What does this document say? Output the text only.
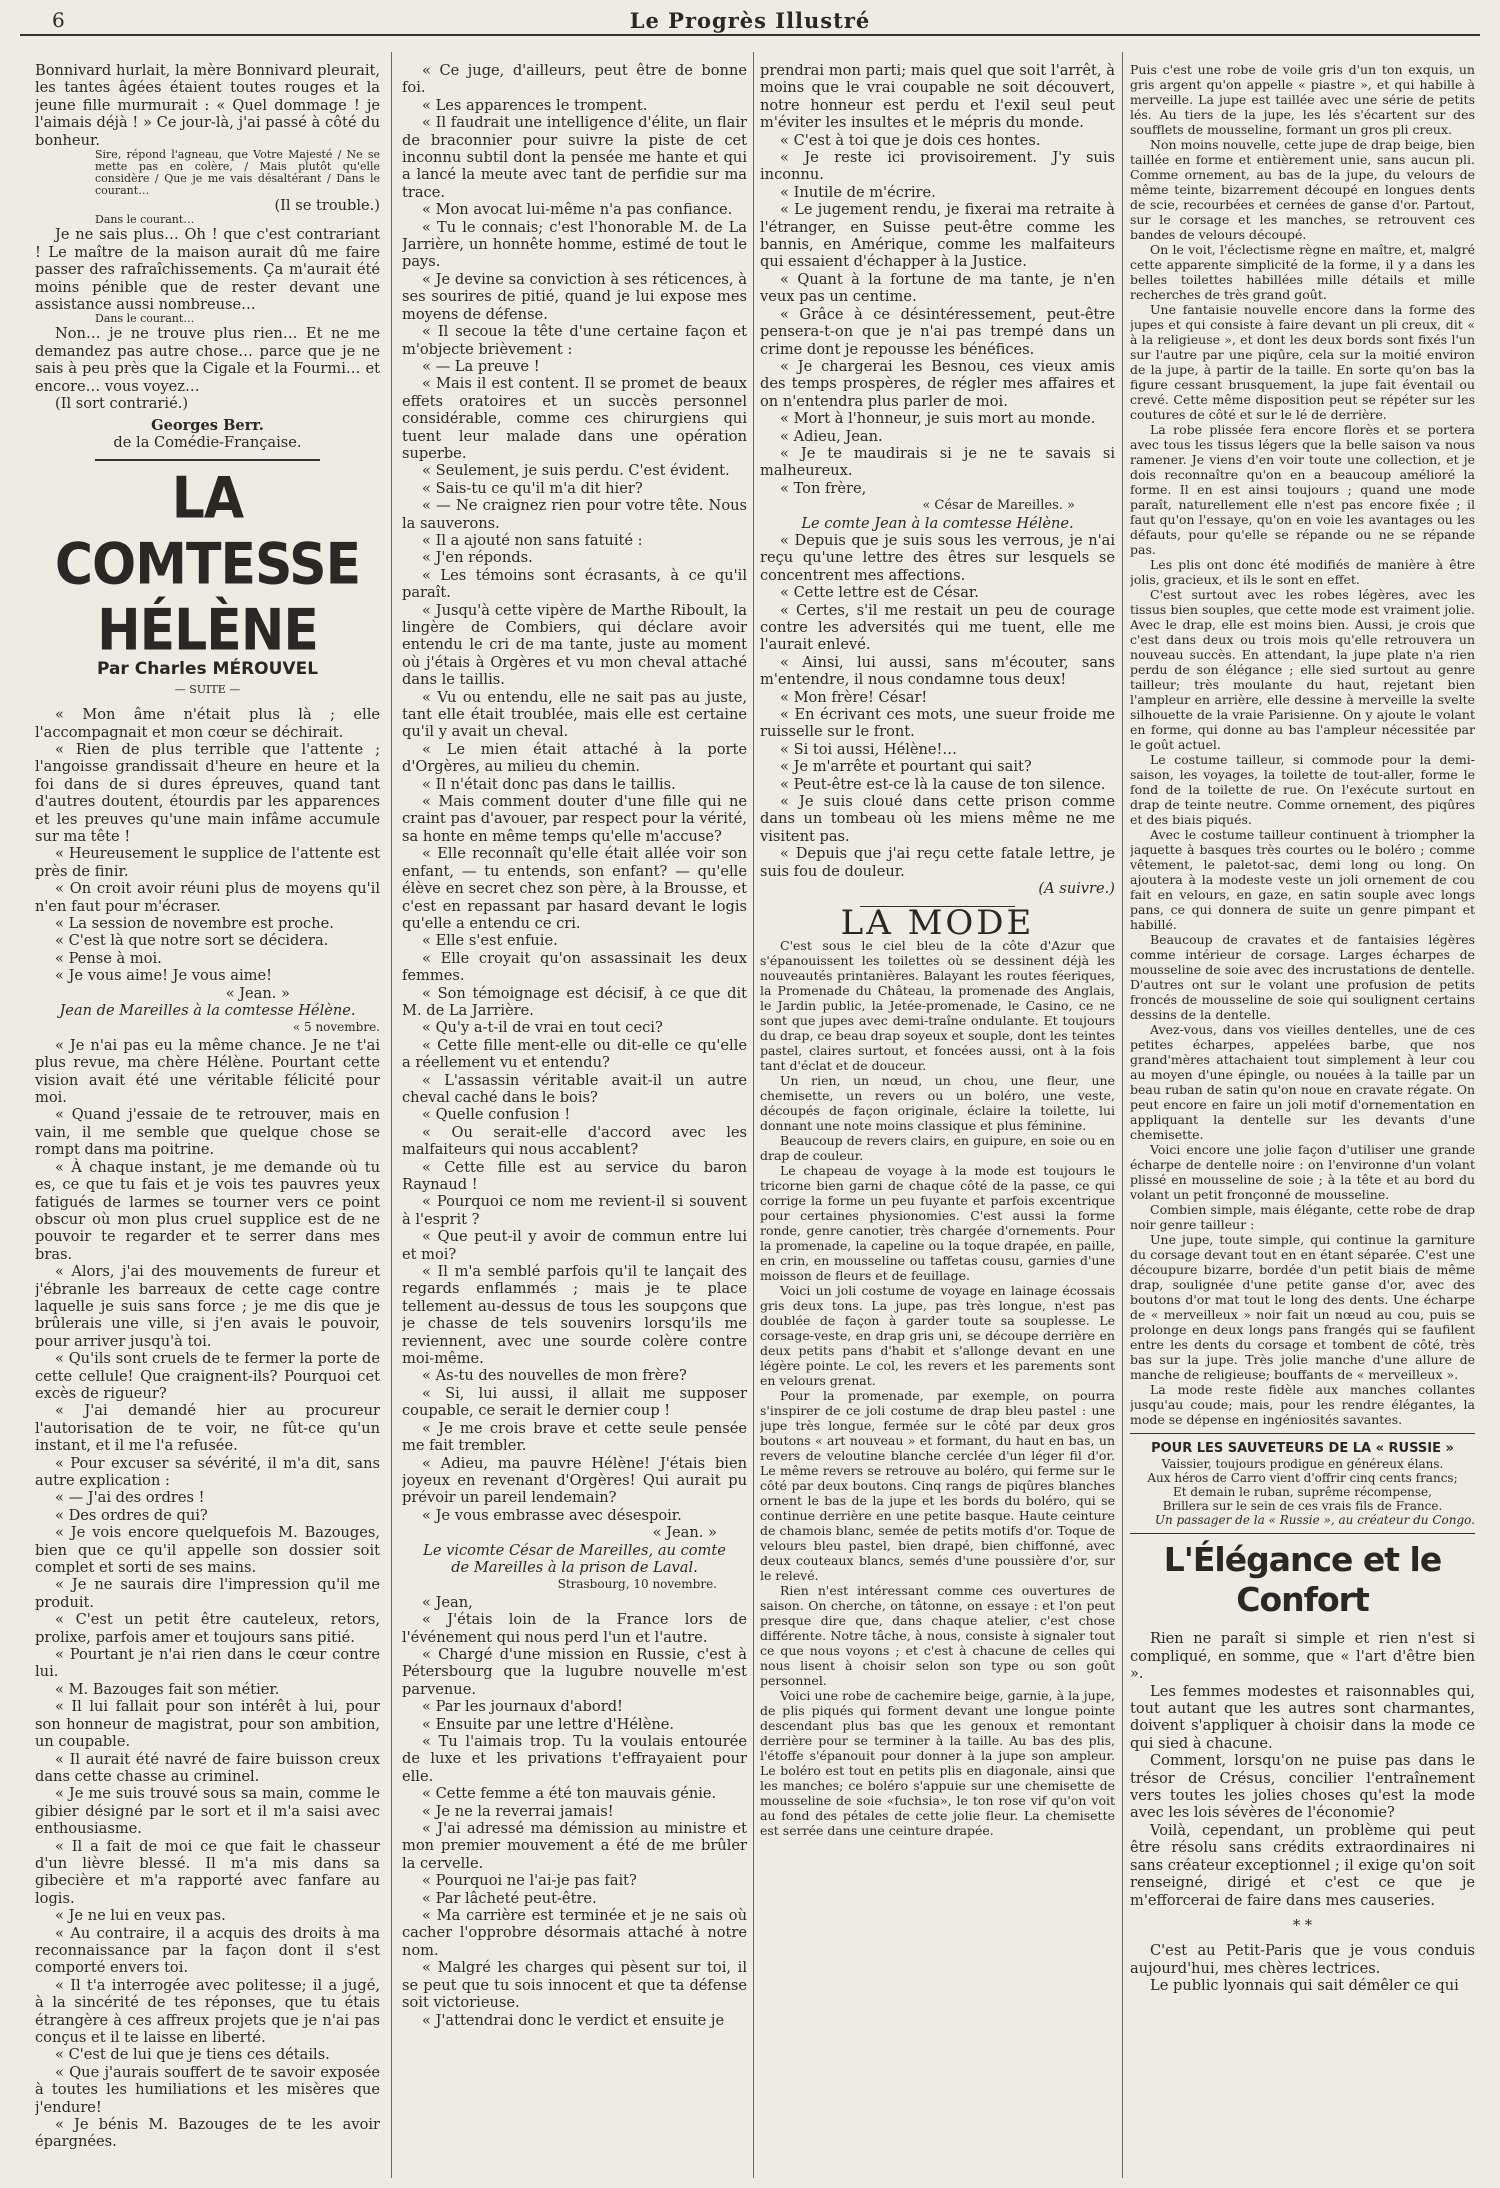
6	Le Progrès Illustré

Bonnivard hurlait, la mère Bonnivard pleurait, les tantes âgées étaient toutes rouges et la jeune fille murmurait : « Quel dommage ! je l'aimais déjà ! » Ce jour-là, j'ai passé à côté du bonheur.

Sire, répond l'agneau, que Votre Majesté / Ne se mette pas en colère, / Mais plutôt qu'elle considère / Que je me vais désaltérant / Dans le courant…

(Il se trouble.)

Dans le courant…

Je ne sais plus… Oh ! que c'est contrariant ! Le maître de la maison aurait dû me faire passer des rafraîchissements. Ça m'aurait été moins pénible que de rester devant une assistance aussi nombreuse…

Dans le courant…

Non… je ne trouve plus rien… Et ne me demandez pas autre chose… parce que je ne sais à peu près que la Cigale et la Fourmi… et encore… vous voyez…

(Il sort contrarié.)

Georges Berr.

de la Comédie-Française.

LA COMTESSE HÉLÈNE

Par Charles MÉROUVEL

— SUITE —

« Mon âme n'était plus là ; elle l'accompagnait et mon cœur se déchirait.

« Rien de plus terrible que l'attente ; l'angoisse grandissait d'heure en heure et la foi dans de si dures épreuves, quand tant d'autres doutent, étourdis par les apparences et les preuves qu'une main infâme accumule sur ma tête !

« Heureusement le supplice de l'attente est près de finir.

« On croit avoir réuni plus de moyens qu'il n'en faut pour m'écraser.

« La session de novembre est proche.

« C'est là que notre sort se décidera.

« Pense à moi.

« Je vous aime! Je vous aime!

« Jean. »

Jean de Mareilles à la comtesse Hélène.

« 5 novembre.

« Je n'ai pas eu la même chance. Je ne t'ai plus revue, ma chère Hélène. Pourtant cette vision avait été une véritable félicité pour moi.

« Quand j'essaie de te retrouver, mais en vain, il me semble que quelque chose se rompt dans ma poitrine.

« À chaque instant, je me demande où tu es, ce que tu fais et je vois tes pauvres yeux fatigués de larmes se tourner vers ce point obscur où mon plus cruel supplice est de ne pouvoir te regarder et te serrer dans mes bras.

« Alors, j'ai des mouvements de fureur et j'ébranle les barreaux de cette cage contre laquelle je suis sans force ; je me dis que je brûlerais une ville, si j'en avais le pouvoir, pour arriver jusqu'à toi.

« Qu'ils sont cruels de te fermer la porte de cette cellule! Que craignent-ils? Pourquoi cet excès de rigueur?

« J'ai demandé hier au procureur l'autorisation de te voir, ne fût-ce qu'un instant, et il me l'a refusée.

« Pour excuser sa sévérité, il m'a dit, sans autre explication :

« — J'ai des ordres !

« Des ordres de qui?

« Je vois encore quelquefois M. Bazouges, bien que ce qu'il appelle son dossier soit complet et sorti de ses mains.

« Je ne saurais dire l'impression qu'il me produit.

« C'est un petit être cauteleux, retors, prolixe, parfois amer et toujours sans pitié.

« Pourtant je n'ai rien dans le cœur contre lui.

« M. Bazouges fait son métier.

« Il lui fallait pour son intérêt à lui, pour son honneur de magistrat, pour son ambition, un coupable.

« Il aurait été navré de faire buisson creux dans cette chasse au criminel.

« Je me suis trouvé sous sa main, comme le gibier désigné par le sort et il m'a saisi avec enthousiasme.

« Il a fait de moi ce que fait le chasseur d'un lièvre blessé. Il m'a mis dans sa gibecière et m'a rapporté avec fanfare au logis.

« Je ne lui en veux pas.

« Au contraire, il a acquis des droits à ma reconnaissance par la façon dont il s'est comporté envers toi.

« Il t'a interrogée avec politesse; il a jugé, à la sincérité de tes réponses, que tu étais étrangère à ces affreux projets que je n'ai pas conçus et il te laisse en liberté.

« C'est de lui que je tiens ces détails.

« Que j'aurais souffert de te savoir exposée à toutes les humiliations et les misères que j'endure!

« Je bénis M. Bazouges de te les avoir épargnées.

« Ce juge, d'ailleurs, peut être de bonne foi.

« Les apparences le trompent.

« Il faudrait une intelligence d'élite, un flair de braconnier pour suivre la piste de cet inconnu subtil dont la pensée me hante et qui a lancé la meute avec tant de perfidie sur ma trace.

« Mon avocat lui-même n'a pas confiance.

« Tu le connais; c'est l'honorable M. de La Jarrière, un honnête homme, estimé de tout le pays.

« Je devine sa conviction à ses réticences, à ses sourires de pitié, quand je lui expose mes moyens de défense.

« Il secoue la tête d'une certaine façon et m'objecte brièvement :

« — La preuve !

« Mais il est content. Il se promet de beaux effets oratoires et un succès personnel considérable, comme ces chirurgiens qui tuent leur malade dans une opération superbe.

« Seulement, je suis perdu. C'est évident.

« Sais-tu ce qu'il m'a dit hier?

« — Ne craignez rien pour votre tête. Nous la sauverons.

« Il a ajouté non sans fatuité :

« J'en réponds.

« Les témoins sont écrasants, à ce qu'il paraît.

« Jusqu'à cette vipère de Marthe Riboult, la lingère de Combiers, qui déclare avoir entendu le cri de ma tante, juste au moment où j'étais à Orgères et vu mon cheval attaché dans le taillis.

« Vu ou entendu, elle ne sait pas au juste, tant elle était troublée, mais elle est certaine qu'il y avait un cheval.

« Le mien était attaché à la porte d'Orgères, au milieu du chemin.

« Il n'était donc pas dans le taillis.

« Mais comment douter d'une fille qui ne craint pas d'avouer, par respect pour la vérité, sa honte en même temps qu'elle m'accuse?

« Elle reconnaît qu'elle était allée voir son enfant, — tu entends, son enfant? — qu'elle élève en secret chez son père, à la Brousse, et c'est en repassant par hasard devant le logis qu'elle a entendu ce cri.

« Elle s'est enfuie.

« Elle croyait qu'on assassinait les deux femmes.

« Son témoignage est décisif, à ce que dit M. de La Jarrière.

« Qu'y a-t-il de vrai en tout ceci?

« Cette fille ment-elle ou dit-elle ce qu'elle a réellement vu et entendu?

« L'assassin véritable avait-il un autre cheval caché dans le bois?

« Quelle confusion !

« Ou serait-elle d'accord avec les malfaiteurs qui nous accablent?

« Cette fille est au service du baron Raynaud !

« Pourquoi ce nom me revient-il si souvent à l'esprit ?

« Que peut-il y avoir de commun entre lui et moi?

« Il m'a semblé parfois qu'il te lançait des regards enflammés ; mais je te place tellement au-dessus de tous les soupçons que je chasse de tels souvenirs lorsqu'ils me reviennent, avec une sourde colère contre moi-même.

« As-tu des nouvelles de mon frère?

« Si, lui aussi, il allait me supposer coupable, ce serait le dernier coup !

« Je me crois brave et cette seule pensée me fait trembler.

« Adieu, ma pauvre Hélène! J'étais bien joyeux en revenant d'Orgères! Qui aurait pu prévoir un pareil lendemain?

« Je vous embrasse avec désespoir.

« Jean. »

Le vicomte César de Mareilles, au comte de Mareilles à la prison de Laval.

Strasbourg, 10 novembre.

« Jean,

« J'étais loin de la France lors de l'événement qui nous perd l'un et l'autre.

« Chargé d'une mission en Russie, c'est à Pétersbourg que la lugubre nouvelle m'est parvenue.

« Par les journaux d'abord!

« Ensuite par une lettre d'Hélène.

« Tu l'aimais trop. Tu la voulais entourée de luxe et les privations t'effrayaient pour elle.

« Cette femme a été ton mauvais génie.

« Je ne la reverrai jamais!

« J'ai adressé ma démission au ministre et mon premier mouvement a été de me brûler la cervelle.

« Pourquoi ne l'ai-je pas fait?

« Par lâcheté peut-être.

« Ma carrière est terminée et je ne sais où cacher l'opprobre désormais attaché à notre nom.

« Malgré les charges qui pèsent sur toi, il se peut que tu sois innocent et que ta défense soit victorieuse.

« J'attendrai donc le verdict et ensuite je

prendrai mon parti; mais quel que soit l'arrêt, à moins que le vrai coupable ne soit découvert, notre honneur est perdu et l'exil seul peut m'éviter les insultes et le mépris du monde.

« C'est à toi que je dois ces hontes.

« Je reste ici provisoirement. J'y suis inconnu.

« Inutile de m'écrire.

« Le jugement rendu, je fixerai ma retraite à l'étranger, en Suisse peut-être comme les bannis, en Amérique, comme les malfaiteurs qui essaient d'échapper à la Justice.

« Quant à la fortune de ma tante, je n'en veux pas un centime.

« Grâce à ce désintéressement, peut-être pensera-t-on que je n'ai pas trempé dans un crime dont je repousse les bénéfices.

« Je chargerai les Besnou, ces vieux amis des temps prospères, de régler mes affaires et on n'entendra plus parler de moi.

« Mort à l'honneur, je suis mort au monde.

« Adieu, Jean.

« Je te maudirais si je ne te savais si malheureux.

« Ton frère,

« César de Mareilles. »

Le comte Jean à la comtesse Hélène.

« Depuis que je suis sous les verrous, je n'ai reçu qu'une lettre des êtres sur lesquels se concentrent mes affections.

« Cette lettre est de César.

« Certes, s'il me restait un peu de courage contre les adversités qui me tuent, elle me l'aurait enlevé.

« Ainsi, lui aussi, sans m'écouter, sans m'entendre, il nous condamne tous deux!

« Mon frère! César!

« En écrivant ces mots, une sueur froide me ruisselle sur le front.

« Si toi aussi, Hélène!…

« Je m'arrête et pourtant qui sait?

« Peut-être est-ce là la cause de ton silence.

« Je suis cloué dans cette prison comme dans un tombeau où les miens même ne me visitent pas.

« Depuis que j'ai reçu cette fatale lettre, je suis fou de douleur.

(A suivre.)

LA MODE

C'est sous le ciel bleu de la côte d'Azur que s'épanouissent les toilettes où se dessinent déjà les nouveautés printanières. Balayant les routes féeriques, la Promenade du Château, la promenade des Anglais, le Jardin public, la Jetée-promenade, le Casino, ce ne sont que jupes avec demi-traîne ondulante. Et toujours du drap, ce beau drap soyeux et souple, dont les teintes pastel, claires surtout, et foncées aussi, ont à la fois tant d'éclat et de douceur.

Un rien, un nœud, un chou, une fleur, une chemisette, un revers ou un boléro, une veste, découpés de façon originale, éclaire la toilette, lui donnant une note moins classique et plus féminine.

Beaucoup de revers clairs, en guipure, en soie ou en drap de couleur.

Le chapeau de voyage à la mode est toujours le tricorne bien garni de chaque côté de la passe, ce qui corrige la forme un peu fuyante et parfois excentrique pour certaines physionomies. C'est aussi la forme ronde, genre canotier, très chargée d'ornements. Pour la promenade, la capeline ou la toque drapée, en paille, en crin, en mousseline ou taffetas cousu, garnies d'une moisson de fleurs et de feuillage.

Voici un joli costume de voyage en lainage écossais gris deux tons. La jupe, pas très longue, n'est pas doublée de façon à garder toute sa souplesse. Le corsage-veste, en drap gris uni, se découpe derrière en deux petits pans d'habit et s'allonge devant en une légère pointe. Le col, les revers et les parements sont en velours grenat.

Pour la promenade, par exemple, on pourra s'inspirer de ce joli costume de drap bleu pastel : une jupe très longue, fermée sur le côté par deux gros boutons « art nouveau » et formant, du haut en bas, un revers de veloutine blanche cerclée d'un léger fil d'or. Le même revers se retrouve au boléro, qui ferme sur le côté par deux boutons. Cinq rangs de piqûres blanches ornent le bas de la jupe et les bords du boléro, qui se continue derrière en une petite basque. Haute ceinture de chamois blanc, semée de petits motifs d'or. Toque de velours bleu pastel, bien drapé, bien chiffonné, avec deux couteaux blancs, semés d'une poussière d'or, sur le relevé.

Rien n'est intéressant comme ces ouvertures de saison. On cherche, on tâtonne, on essaye : et l'on peut presque dire que, dans chaque atelier, c'est chose différente. Notre tâche, à nous, consiste à signaler tout ce que nous voyons ; et c'est à chacune de celles qui nous lisent à choisir selon son type ou son goût personnel.

Voici une robe de cachemire beige, garnie, à la jupe, de plis piqués qui forment devant une longue pointe descendant plus bas que les genoux et remontant derrière pour se terminer à la taille. Au bas des plis, l'étoffe s'épanouit pour donner à la jupe son ampleur. Le boléro est tout en petits plis en diagonale, ainsi que les manches; ce boléro s'appuie sur une chemisette de mousseline de soie «fuchsia», le ton rose vif qu'on voit au fond des pétales de cette jolie fleur. La chemisette est serrée dans une ceinture drapée.

Puis c'est une robe de voile gris d'un ton exquis, un gris argent qu'on appelle « piastre », et qui habille à merveille. La jupe est taillée avec une série de petits lés. Au tiers de la jupe, les lés s'écartent sur des soufflets de mousseline, formant un gros pli creux.

Non moins nouvelle, cette jupe de drap beige, bien taillée en forme et entièrement unie, sans aucun pli. Comme ornement, au bas de la jupe, du velours de même teinte, bizarrement découpé en longues dents de scie, recourbées et cernées de ganse d'or. Partout, sur le corsage et les manches, se retrouvent ces bandes de velours découpé.

On le voit, l'éclectisme règne en maître, et, malgré cette apparente simplicité de la forme, il y a dans les belles toilettes habillées mille détails et mille recherches de très grand goût.

Une fantaisie nouvelle encore dans la forme des jupes et qui consiste à faire devant un pli creux, dit « à la religieuse », et dont les deux bords sont fixés l'un sur l'autre par une piqûre, cela sur la moitié environ de la jupe, à partir de la taille. En sorte qu'on bas la figure cessant brusquement, la jupe fait éventail ou crevé. Cette même disposition peut se répéter sur les coutures de côté et sur le lé de derrière.

La robe plissée fera encore florès et se portera avec tous les tissus légers que la belle saison va nous ramener. Je viens d'en voir toute une collection, et je dois reconnaître qu'on en a beaucoup amélioré la forme. Il en est ainsi toujours ; quand une mode paraît, naturellement elle n'est pas encore fixée ; il faut qu'on l'essaye, qu'on en voie les avantages ou les défauts, pour qu'elle se répande ou ne se répande pas.

Les plis ont donc été modifiés de manière à être jolis, gracieux, et ils le sont en effet.

C'est surtout avec les robes légères, avec les tissus bien souples, que cette mode est vraiment jolie. Avec le drap, elle est moins bien. Aussi, je crois que c'est dans deux ou trois mois qu'elle retrouvera un nouveau succès. En attendant, la jupe plate n'a rien perdu de son élégance ; elle sied surtout au genre tailleur; très moulante du haut, rejetant bien l'ampleur en arrière, elle dessine à merveille la svelte silhouette de la vraie Parisienne. On y ajoute le volant en forme, qui donne au bas l'ampleur nécessitée par le goût actuel.

Le costume tailleur, si commode pour la demi-saison, les voyages, la toilette de tout-aller, forme le fond de la toilette de rue. On l'exécute surtout en drap de teinte neutre. Comme ornement, des piqûres et des biais piqués.

Avec le costume tailleur continuent à triompher la jaquette à basques très courtes ou le boléro ; comme vêtement, le paletot-sac, demi long ou long. On ajoutera à la modeste veste un joli ornement de cou fait en velours, en gaze, en satin souple avec longs pans, ce qui donnera de suite un genre pimpant et habillé.

Beaucoup de cravates et de fantaisies légères comme intérieur de corsage. Larges écharpes de mousseline de soie avec des incrustations de dentelle. D'autres ont sur le volant une profusion de petits froncés de mousseline de soie qui soulignent certains dessins de la dentelle.

Avez-vous, dans vos vieilles dentelles, une de ces petites écharpes, appelées barbe, que nos grand'mères attachaient tout simplement à leur cou au moyen d'une épingle, ou nouées à la taille par un beau ruban de satin qu'on noue en cravate régate. On peut encore en faire un joli motif d'ornementation en appliquant la dentelle sur les devants d'une chemisette.

Voici encore une jolie façon d'utiliser une grande écharpe de dentelle noire : on l'environne d'un volant plissé en mousseline de soie ; à la tête et au bord du volant un petit fronçonné de mousseline.

Combien simple, mais élégante, cette robe de drap noir genre tailleur :

Une jupe, toute simple, qui continue la garniture du corsage devant tout en en étant séparée. C'est une découpure bizarre, bordée d'un petit biais de même drap, soulignée d'une petite ganse d'or, avec des boutons d'or mat tout le long des dents. Une écharpe de « merveilleux » noir fait un nœud au cou, puis se prolonge en deux longs pans frangés qui se faufilent entre les dents du corsage et tombent de côté, très bas sur la jupe. Très jolie manche d'une allure de manche de religieuse; bouffants de « merveilleux ».

La mode reste fidèle aux manches collantes jusqu'au coude; mais, pour les rendre élégantes, la mode se dépense en ingéniosités savantes.

POUR LES SAUVETEURS DE LA « RUSSIE »

Vaissier, toujours prodigue en généreux élans.

Aux héros de Carro vient d'offrir cinq cents francs;

Et demain le ruban, suprême récompense,

Brillera sur le sein de ces vrais fils de France.

Un passager de la « Russie », au créateur du Congo.

L'Élégance et le Confort

Rien ne paraît si simple et rien n'est si compliqué, en somme, que « l'art d'être bien ».

Les femmes modestes et raisonnables qui, tout autant que les autres sont charmantes, doivent s'appliquer à choisir dans la mode ce qui sied à chacune.

Comment, lorsqu'on ne puise pas dans le trésor de Crésus, concilier l'entraînement vers toutes les jolies choses qu'est la mode avec les lois sévères de l'économie?

Voilà, cependant, un problème qui peut être résolu sans crédits extraordinaires ni sans créateur exceptionnel ; il exige qu'on soit renseigné, dirigé et c'est ce que je m'efforcerai de faire dans mes causeries.

* *

C'est au Petit-Paris que je vous conduis aujourd'hui, mes chères lectrices.

Le public lyonnais qui sait démêler ce qui
